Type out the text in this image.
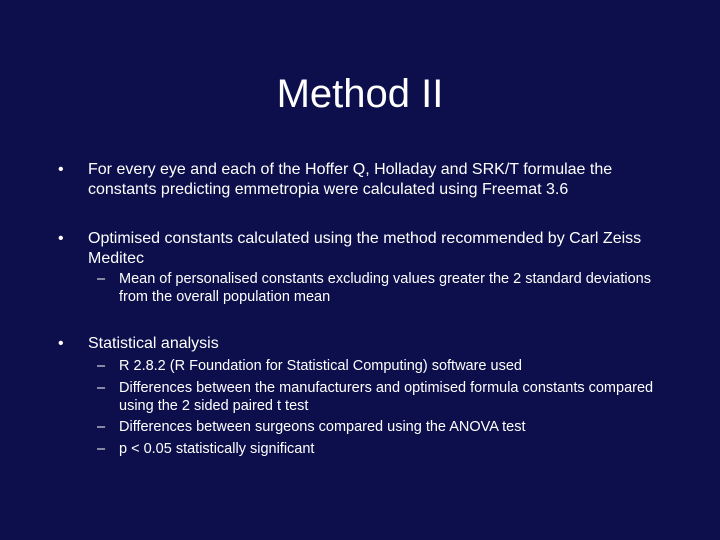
Method II
• For every eye and each of the Hoffer Q, Holladay and SRK/T formulae the constants predicting emmetropia were calculated using Freemat 3.6
• Optimised constants calculated using the method recommended by Carl Zeiss Meditec
– Mean of personalised constants excluding values greater the 2 standard deviations from the overall population mean
• Statistical analysis
– R 2.8.2 (R Foundation for Statistical Computing) software used
– Differences between the manufacturers and optimised formula constants compared using the 2 sided paired t test
– Differences between surgeons compared using the ANOVA test
– p < 0.05 statistically significant
